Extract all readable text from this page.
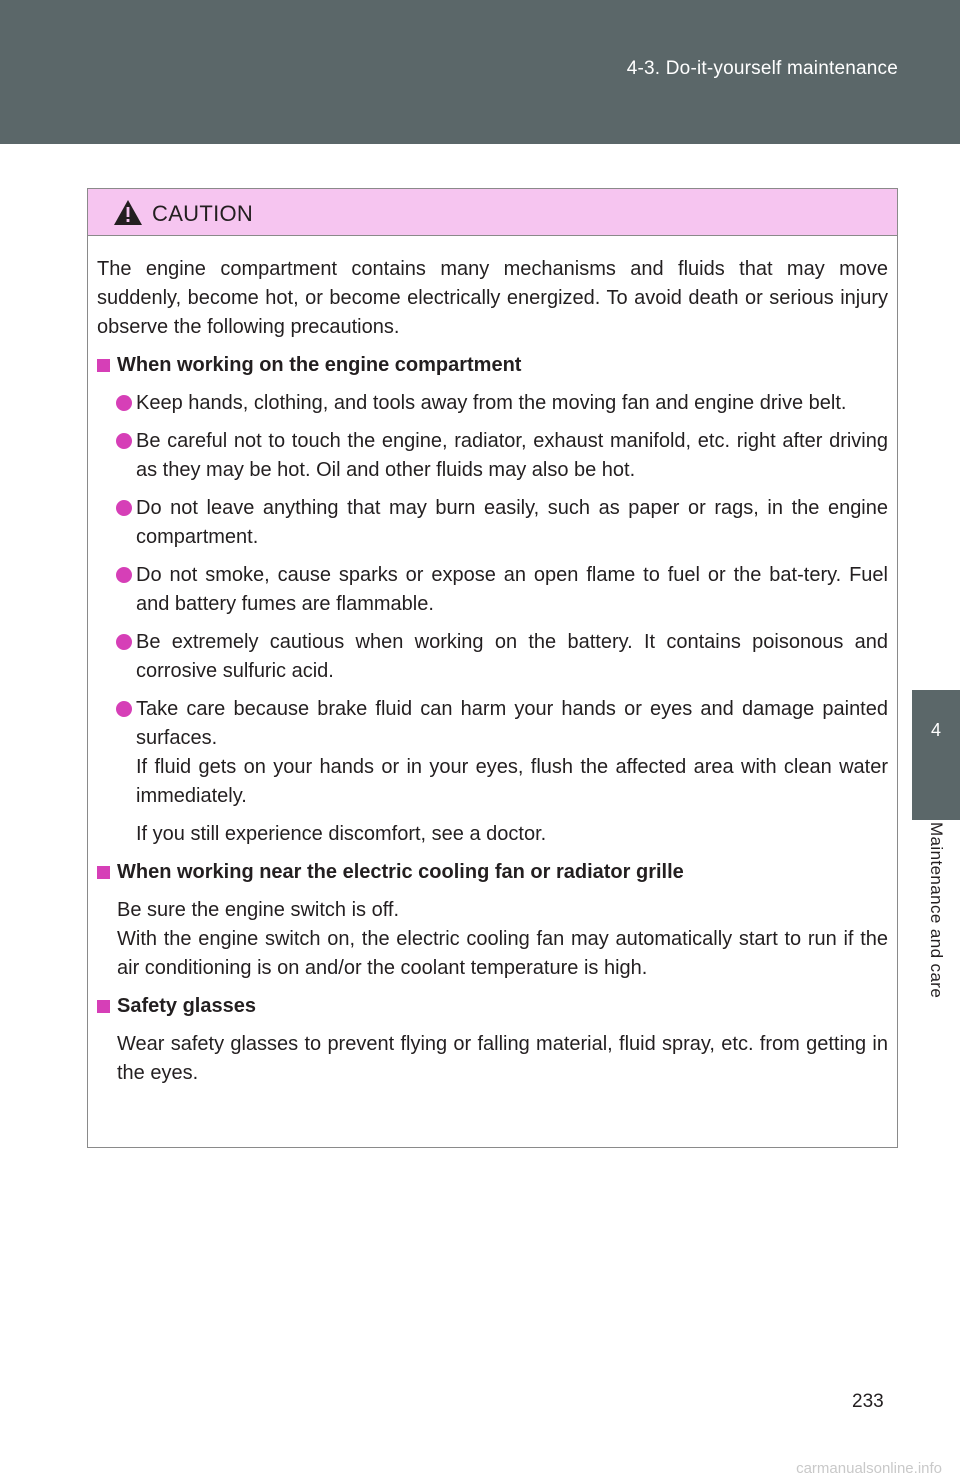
4-3. Do-it-yourself maintenance
4
Maintenance and care
CAUTION

The engine compartment contains many mechanisms and fluids that may move suddenly, become hot, or become electrically energized. To avoid death or serious injury observe the following precautions.

When working on the engine compartment

Keep hands, clothing, and tools away from the moving fan and engine drive belt.

Be careful not to touch the engine, radiator, exhaust manifold, etc. right after driving as they may be hot. Oil and other fluids may also be hot.

Do not leave anything that may burn easily, such as paper or rags, in the engine compartment.

Do not smoke, cause sparks or expose an open flame to fuel or the bat-tery. Fuel and battery fumes are flammable.

Be extremely cautious when working on the battery. It contains poisonous and corrosive sulfuric acid.

Take care because brake fluid can harm your hands or eyes and damage painted surfaces.

If fluid gets on your hands or in your eyes, flush the affected area with clean water immediately.

If you still experience discomfort, see a doctor.

When working near the electric cooling fan or radiator grille

Be sure the engine switch is off.

With the engine switch on, the electric cooling fan may automatically start to run if the air conditioning is on and/or the coolant temperature is high.

Safety glasses

Wear safety glasses to prevent flying or falling material, fluid spray, etc. from getting in the eyes.

233
carmanualsonline.info
